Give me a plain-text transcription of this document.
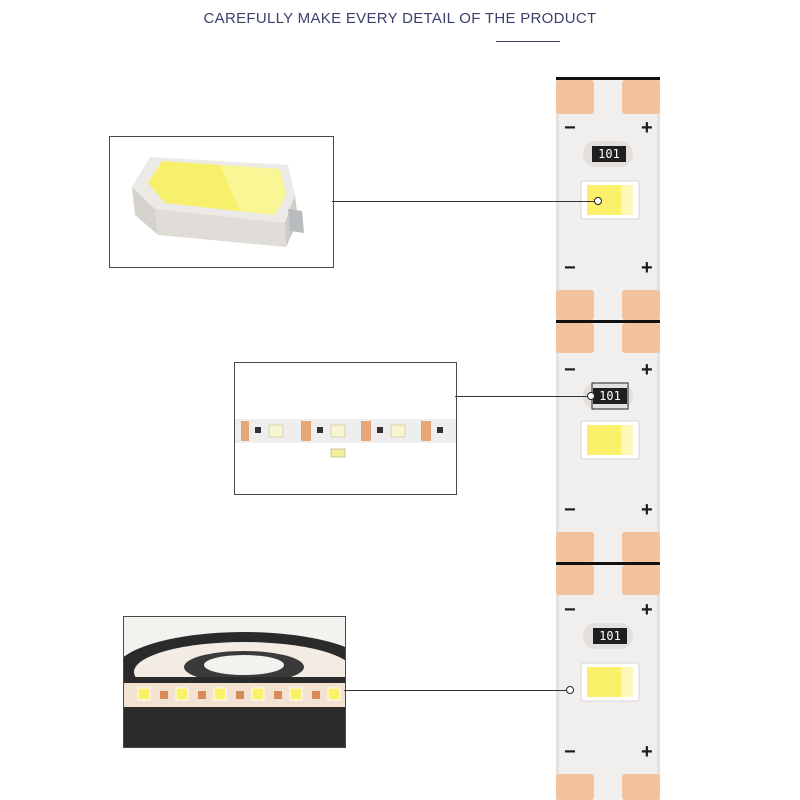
CAREFULLY MAKE EVERY DETAIL OF THE PRODUCT
101
101
101
−	+
−	+
−	+
−	+
−	+
−	+
